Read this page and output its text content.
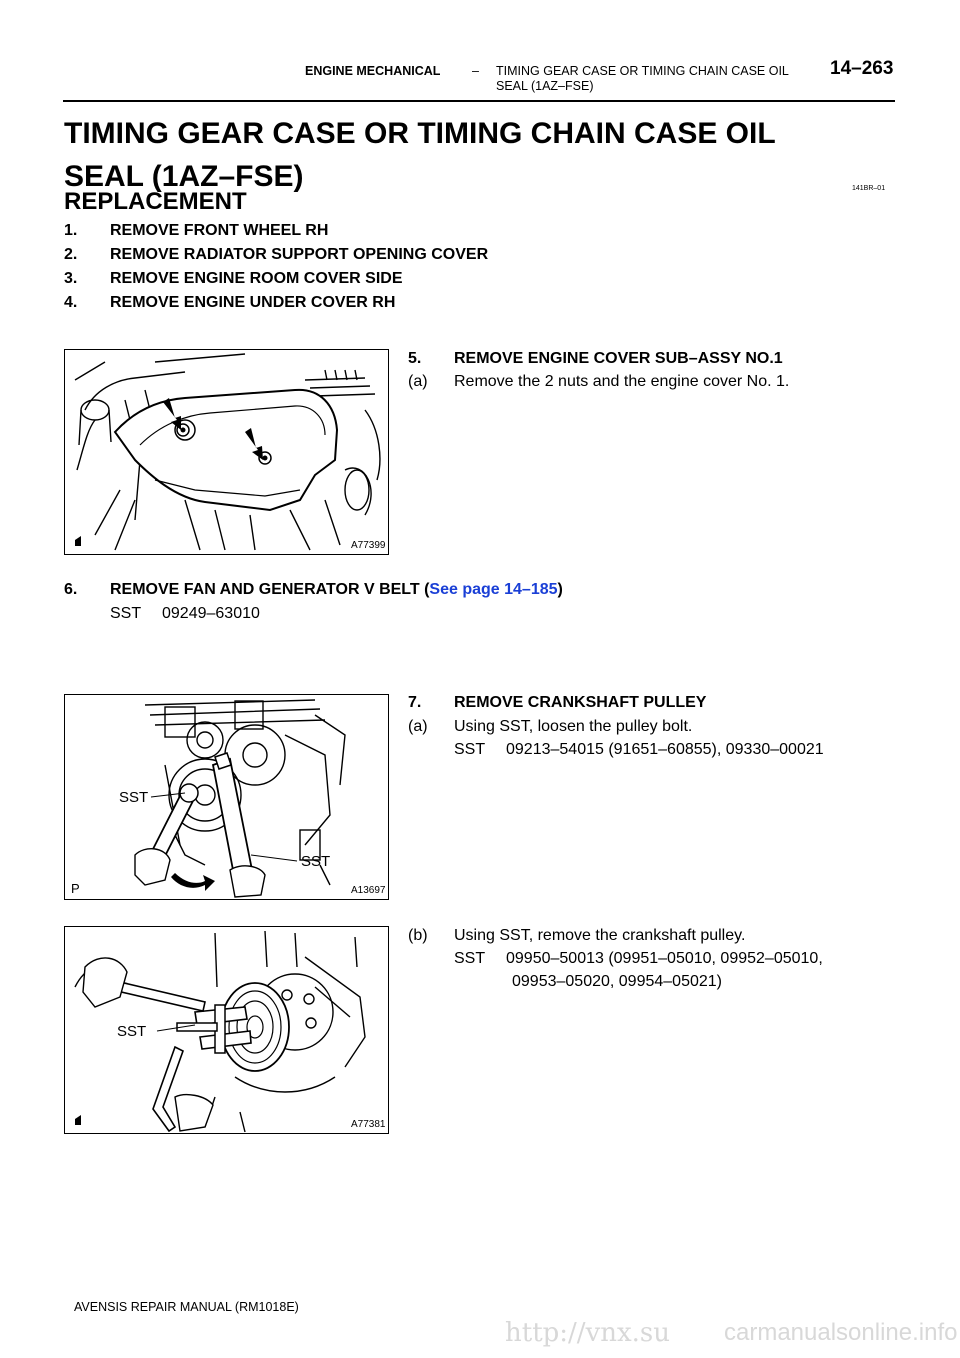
ENGINE MECHANICAL	– TIMING GEAR CASE OR TIMING CHAIN CASE OIL
SEAL (1AZ–FSE)
14–263
TIMING GEAR CASE OR TIMING CHAIN CASE OIL
SEAL (1AZ–FSE)	141BR–01
REPLACEMENT
1. REMOVE FRONT WHEEL RH
2. REMOVE RADIATOR SUPPORT OPENING COVER
3. REMOVE ENGINE ROOM COVER SIDE
4. REMOVE ENGINE UNDER COVER RH
A77399
5. REMOVE ENGINE COVER SUB–ASSY NO.1
(a) Remove the 2 nuts and the engine cover No. 1.
6. REMOVE FAN AND GENERATOR V BELT (See page 14–185)
SST 09249–63010
SST
SST
P	A13697
7. REMOVE CRANKSHAFT PULLEY
(a) Using SST, loosen the pulley bolt.
SST 09213–54015 (91651–60855), 09330–00021
SST
A77381
(b) Using SST, remove the crankshaft pulley.
SST 09950–50013 (09951–05010, 09952–05010,
09953–05020, 09954–05021)
AVENSIS REPAIR MANUAL (RM1018E)
http://vnx.su carmanualsonline.info
